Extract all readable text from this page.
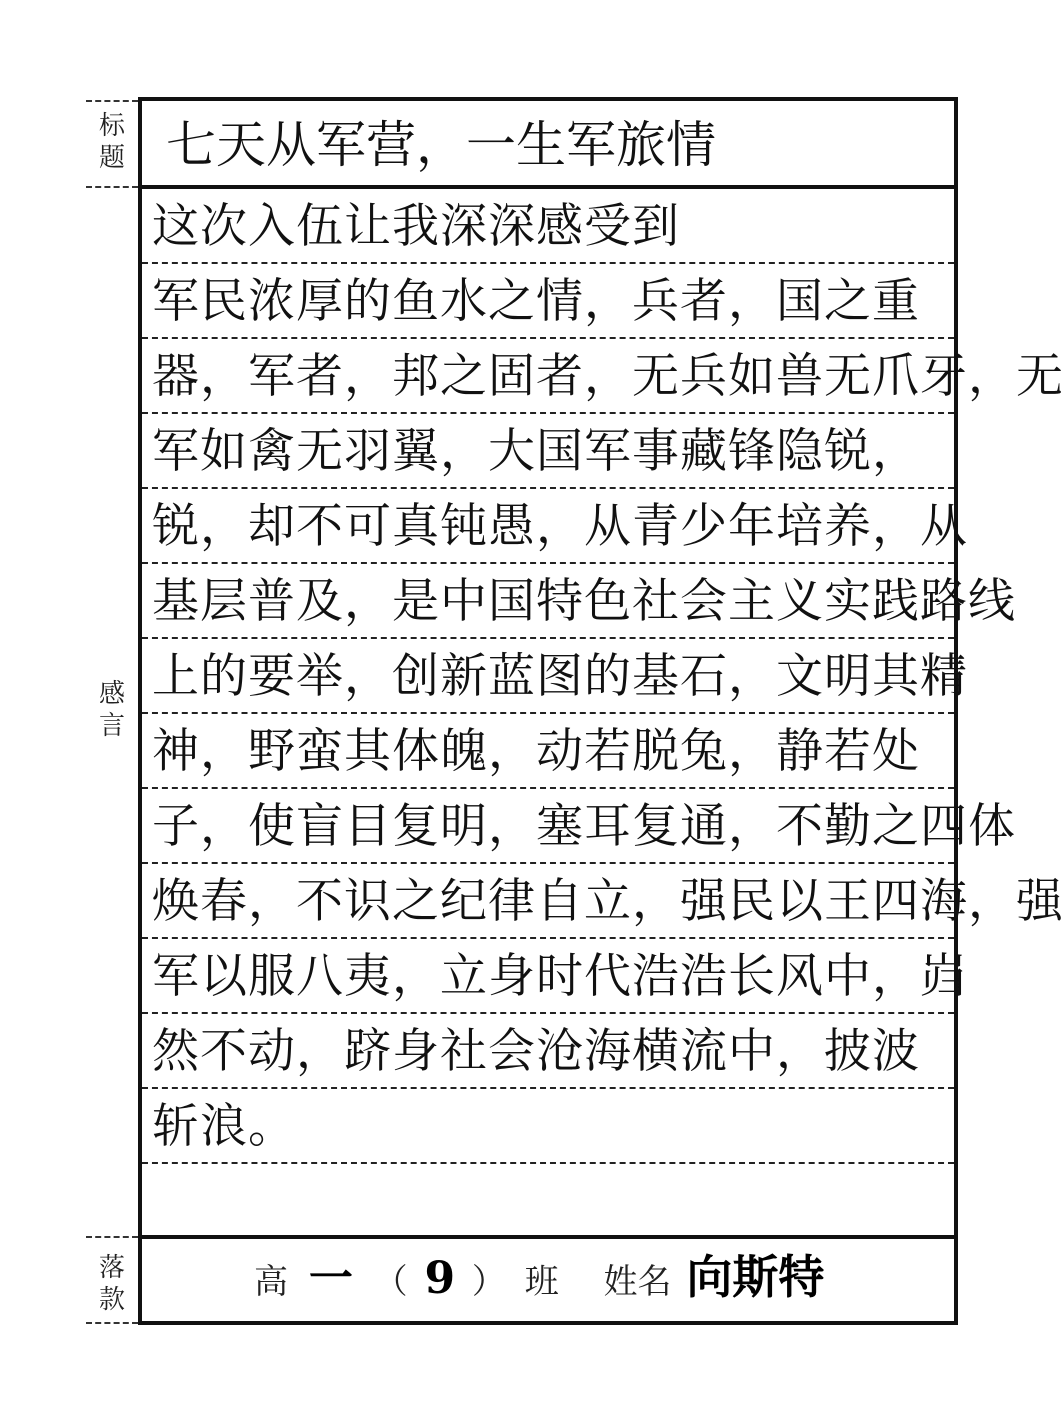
标
题
感
言
落
款
七天从军营，一生军旅情
这次入伍让我深深感受到
军民浓厚的鱼水之情，兵者，国之重
器，军者，邦之固者，无兵如兽无爪牙，无
军如禽无羽翼，大国军事藏锋隐锐，
锐，却不可真钝愚，从青少年培养，从
基层普及，是中国特色社会主义实践路线
上的要举，创新蓝图的基石，文明其精
神，野蛮其体魄，动若脱兔，静若处
子，使盲目复明，塞耳复通，不勤之四体
焕春，不识之纪律自立，强民以王四海，强
军以服八夷，立身时代浩浩长风中，岿
然不动，跻身社会沧海横流中，披波
斩浪。
高 一 （ 9 ） 班 姓名 向斯特
